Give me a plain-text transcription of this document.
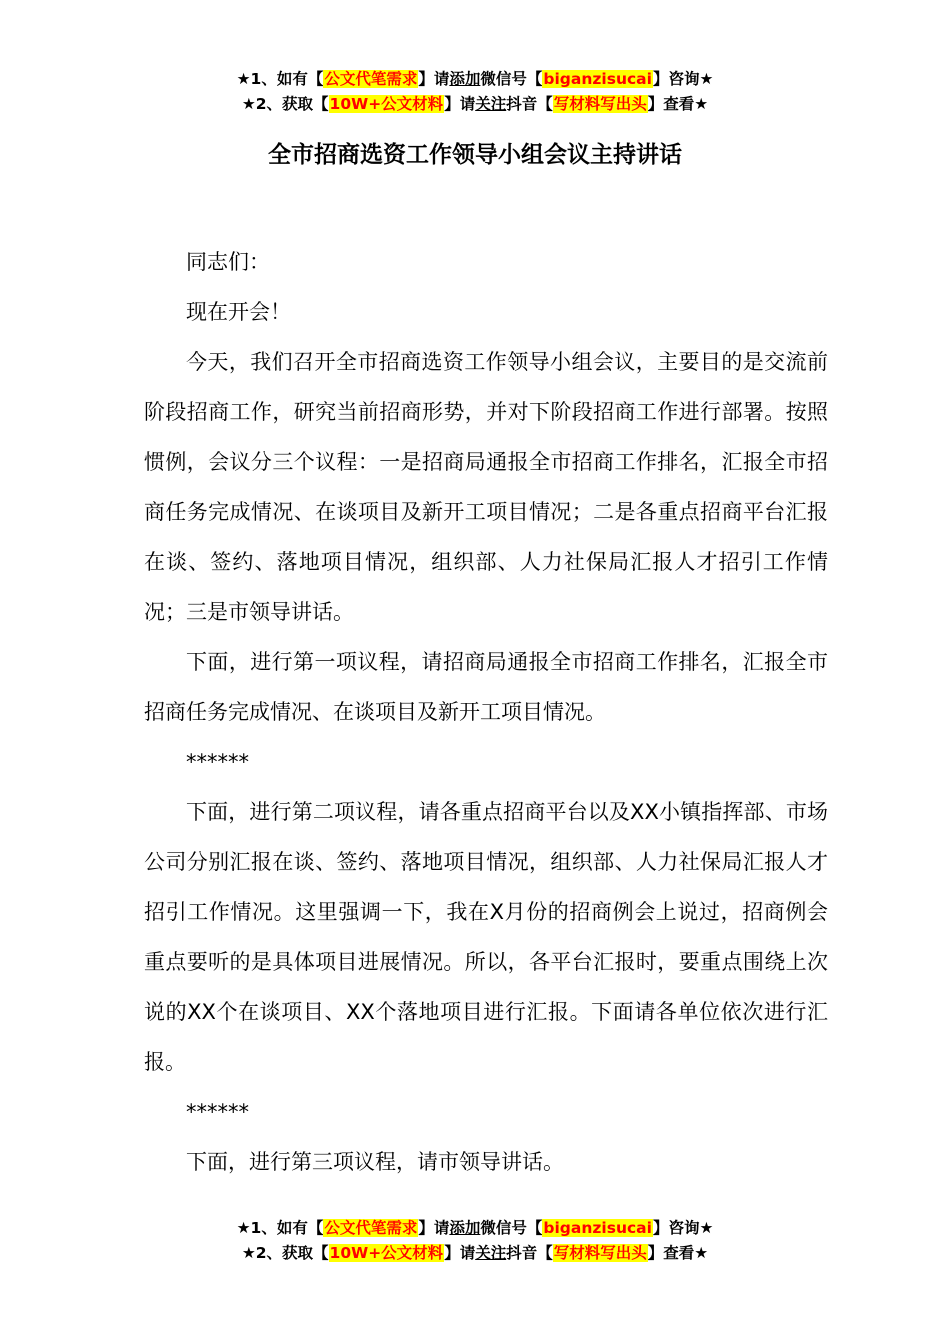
★1、如有【公文代笔需求】请添加微信号【biganzisucai】咨询★
★2、获取【10W+公文材料】请关注抖音【写材料写出头】查看★
全市招商选资工作领导小组会议主持讲话

同志们：

现在开会！

今天，我们召开全市招商选资工作领导小组会议，主要目的是交流前阶段招商工作，研究当前招商形势，并对下阶段招商工作进行部署。按照惯例，会议分三个议程：一是招商局通报全市招商工作排名，汇报全市招商任务完成情况、在谈项目及新开工项目情况；二是各重点招商平台汇报在谈、签约、落地项目情况，组织部、人力社保局汇报人才招引工作情况；三是市领导讲话。

下面，进行第一项议程，请招商局通报全市招商工作排名，汇报全市招商任务完成情况、在谈项目及新开工项目情况。

******

下面，进行第二项议程，请各重点招商平台以及XX小镇指挥部、市场公司分别汇报在谈、签约、落地项目情况，组织部、人力社保局汇报人才招引工作情况。这里强调一下，我在X月份的招商例会上说过，招商例会重点要听的是具体项目进展情况。所以，各平台汇报时，要重点围绕上次说的XX个在谈项目、XX个落地项目进行汇报。下面请各单位依次进行汇报。

******

下面，进行第三项议程，请市领导讲话。

★1、如有【公文代笔需求】请添加微信号【biganzisucai】咨询★
★2、获取【10W+公文材料】请关注抖音【写材料写出头】查看★
